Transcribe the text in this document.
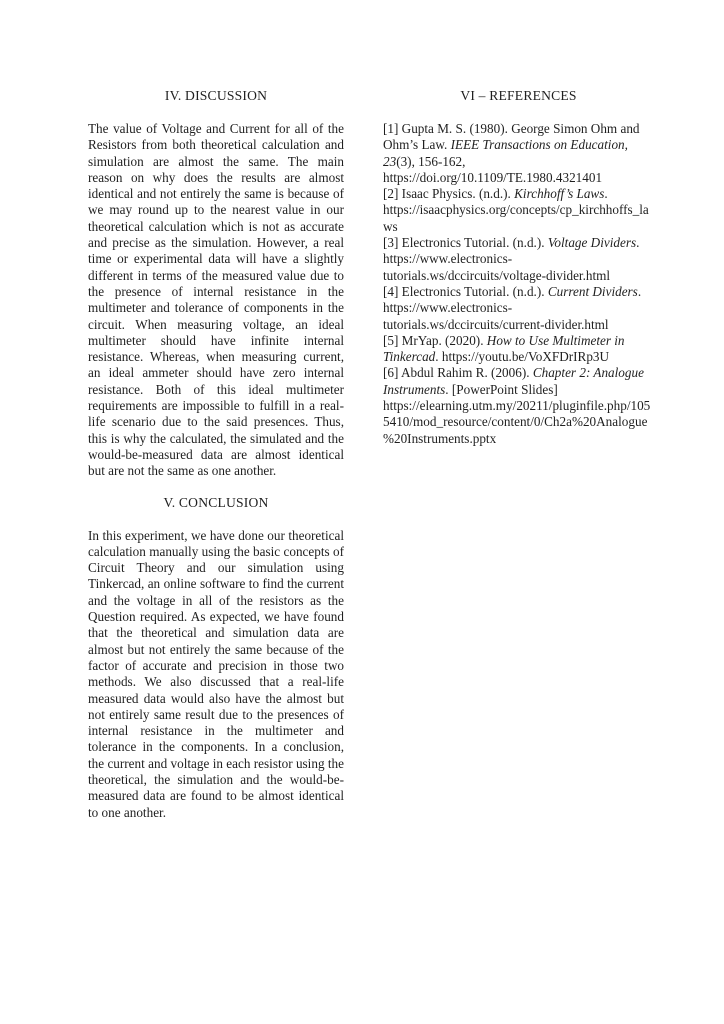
IV. DISCUSSION

The value of Voltage and Current for all of the Resistors from both theoretical calculation and simulation are almost the same. The main reason on why does the results are almost identical and not entirely the same is because of we may round up to the nearest value in our theoretical calculation which is not as accurate and precise as the simulation. However, a real time or experimental data will have a slightly different in terms of the measured value due to the presence of internal resistance in the multimeter and tolerance of components in the circuit. When measuring voltage, an ideal multimeter should have infinite internal resistance. Whereas, when measuring current, an ideal ammeter should have zero internal resistance. Both of this ideal multimeter requirements are impossible to fulfill in a real-life scenario due to the said presences. Thus, this is why the calculated, the simulated and the would-be-measured data are almost identical but are not the same as one another.

V. CONCLUSION

In this experiment, we have done our theoretical calculation manually using the basic concepts of Circuit Theory and our simulation using Tinkercad, an online software to find the current and the voltage in all of the resistors as the Question required. As expected, we have found that the theoretical and simulation data are almost but not entirely the same because of the factor of accurate and precision in those two methods. We also discussed that a real-life measured data would also have the almost but not entirely same result due to the presences of internal resistance in the multimeter and tolerance in the components. In a conclusion, the current and voltage in each resistor using the theoretical, the simulation and the would-be-measured data are found to be almost identical to one another.

VI – REFERENCES

[1] Gupta M. S. (1980). George Simon Ohm and Ohm’s Law. IEEE Transactions on Education, 23(3), 156-162, https://doi.org/10.1109/TE.1980.4321401

[2] Isaac Physics. (n.d.). Kirchhoff’s Laws. https://isaacphysics.org/concepts/cp_kirchhoffs_laws

[3] Electronics Tutorial. (n.d.). Voltage Dividers. https://www.electronics-tutorials.ws/dccircuits/voltage-divider.html

[4] Electronics Tutorial. (n.d.). Current Dividers. https://www.electronics-tutorials.ws/dccircuits/current-divider.html

[5] MrYap. (2020). How to Use Multimeter in Tinkercad. https://youtu.be/VoXFDrIRp3U

[6] Abdul Rahim R. (2006). Chapter 2: Analogue Instruments. [PowerPoint Slides] https://elearning.utm.my/20211/pluginfile.php/1055410/mod_resource/content/0/Ch2a%20Analogue%20Instruments.pptx
